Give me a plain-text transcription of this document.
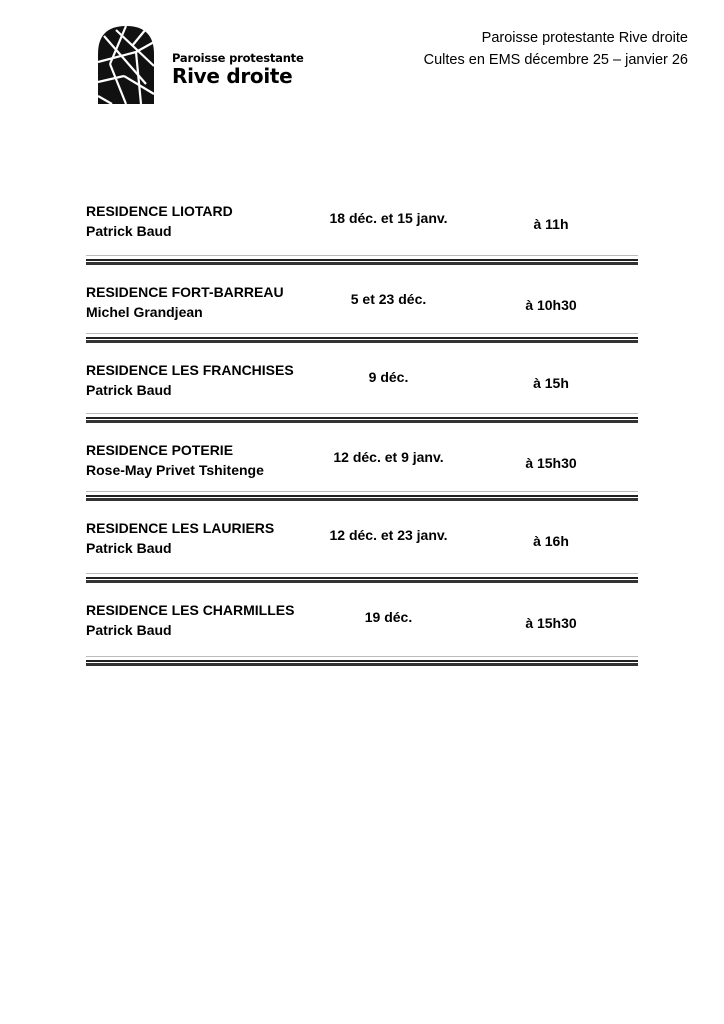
Paroisse protestante
Rive droite
Paroisse protestante Rive droite
Cultes en EMS décembre 25 – janvier 26
RESIDENCE LIOTARD
Patrick Baud
18 déc. et 15 janv.	à 11h
RESIDENCE FORT-BARREAU
Michel Grandjean
5 et 23 déc.	à 10h30
RESIDENCE LES FRANCHISES
Patrick Baud
9 déc.	à 15h
RESIDENCE POTERIE
Rose-May Privet Tshitenge
12 déc. et 9 janv.	à 15h30
RESIDENCE LES LAURIERS
Patrick Baud
12 déc. et 23 janv.	à 16h
RESIDENCE LES CHARMILLES
Patrick Baud
19 déc.	à 15h30
